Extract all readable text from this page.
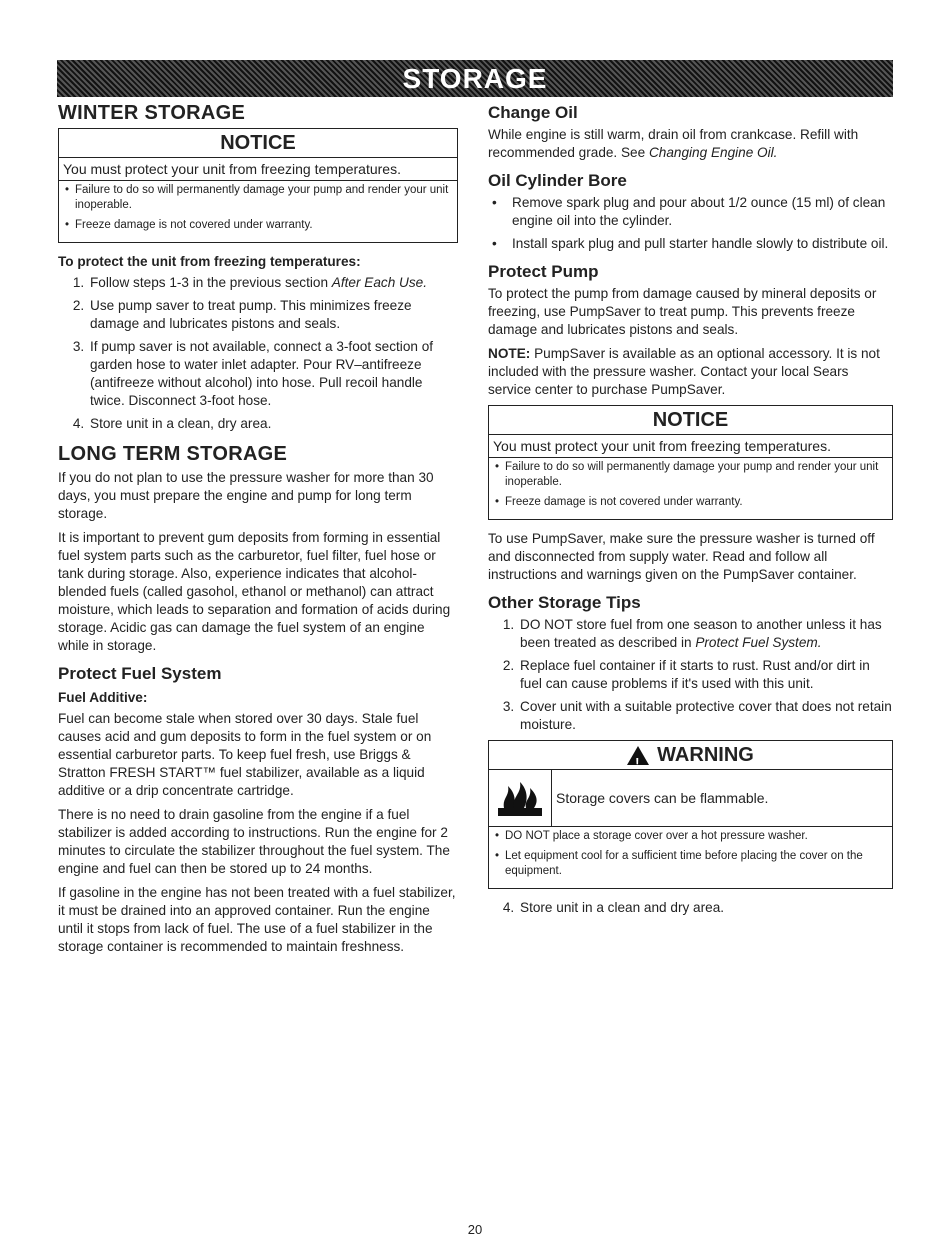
STORAGE
WINTER STORAGE
NOTICE
You must protect your unit from freezing temperatures.
• Failure to do so will permanently damage your pump and render your unit inoperable.
• Freeze damage is not covered under warranty.
To protect the unit from freezing temperatures:
1. Follow steps 1-3 in the previous section After Each Use.
2. Use pump saver to treat pump. This minimizes freeze damage and lubricates pistons and seals.
3. If pump saver is not available, connect a 3-foot section of garden hose to water inlet adapter. Pour RV–antifreeze (antifreeze without alcohol) into hose. Pull recoil handle twice. Disconnect 3-foot hose.
4. Store unit in a clean, dry area.
LONG TERM STORAGE

If you do not plan to use the pressure washer for more than 30 days, you must prepare the engine and pump for long term storage.

It is important to prevent gum deposits from forming in essential fuel system parts such as the carburetor, fuel filter, fuel hose or tank during storage. Also, experience indicates that alcohol-blended fuels (called gasohol, ethanol or methanol) can attract moisture, which leads to separation and formation of acids during storage. Acidic gas can damage the fuel system of an engine while in storage.

Protect Fuel System
Fuel Additive:

Fuel can become stale when stored over 30 days. Stale fuel causes acid and gum deposits to form in the fuel system or on essential carburetor parts. To keep fuel fresh, use Briggs & Stratton FRESH START™ fuel stabilizer, available as a liquid additive or a drip concentrate cartridge.

There is no need to drain gasoline from the engine if a fuel stabilizer is added according to instructions. Run the engine for 2 minutes to circulate the stabilizer throughout the fuel system. The engine and fuel can then be stored up to 24 months.

If gasoline in the engine has not been treated with a fuel stabilizer, it must be drained into an approved container. Run the engine until it stops from lack of fuel. The use of a fuel stabilizer in the storage container is recommended to maintain freshness.

Change Oil

While engine is still warm, drain oil from crankcase. Refill with recommended grade. See Changing Engine Oil.

Oil Cylinder Bore
• Remove spark plug and pour about 1/2 ounce (15 ml) of clean engine oil into the cylinder.
• Install spark plug and pull starter handle slowly to distribute oil.
Protect Pump

To protect the pump from damage caused by mineral deposits or freezing, use PumpSaver to treat pump. This prevents freeze damage and lubricates pistons and seals.

NOTE: PumpSaver is available as an optional accessory. It is not included with the pressure washer. Contact your local Sears service center to purchase PumpSaver.

NOTICE
You must protect your unit from freezing temperatures.
• Failure to do so will permanently damage your pump and render your unit inoperable.
• Freeze damage is not covered under warranty.

To use PumpSaver, make sure the pressure washer is turned off and disconnected from supply water. Read and follow all instructions and warnings given on the PumpSaver container.

Other Storage Tips
1. DO NOT store fuel from one season to another unless it has been treated as described in Protect Fuel System.
2. Replace fuel container if it starts to rust. Rust and/or dirt in fuel can cause problems if it's used with this unit.
3. Cover unit with a suitable protective cover that does not retain moisture.
!
WARNING
Storage covers can be flammable.
• DO NOT place a storage cover over a hot pressure washer.
• Let equipment cool for a sufficient time before placing the cover on the equipment.
4. Store unit in a clean and dry area.
20
